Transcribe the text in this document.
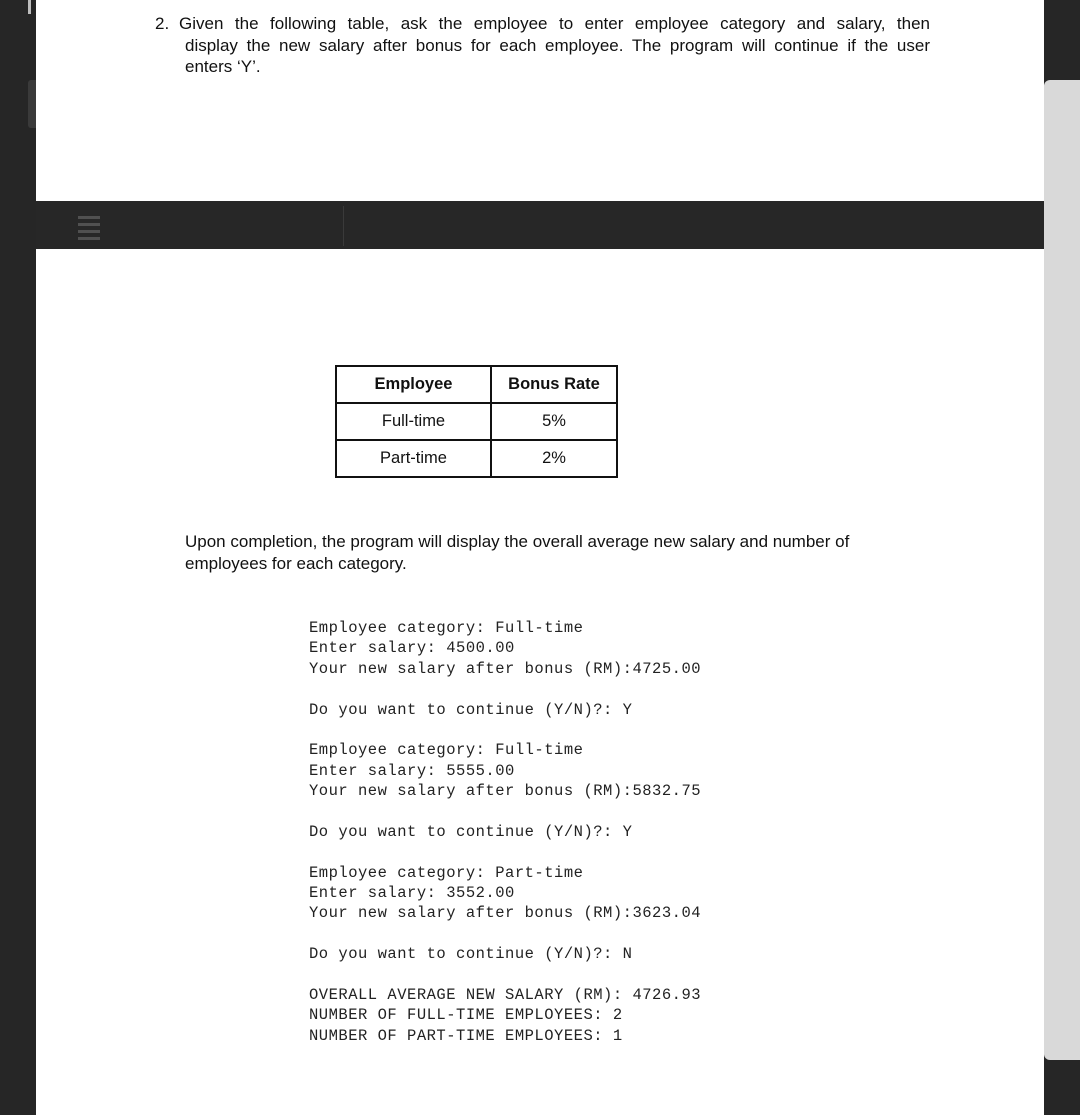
2. Given the following table, ask the employee to enter employee category and salary, then
display the new salary after bonus for each employee. The program will continue if the user
enters ‘Y’.
Employee	Bonus Rate
Full-time	5%
Part-time	2%
Upon completion, the program will display the overall average new salary and number of
employees for each category.
Employee category: Full-time
Enter salary: 4500.00
Your new salary after bonus (RM):4725.00
Do you want to continue (Y/N)?: Y
Employee category: Full-time
Enter salary: 5555.00
Your new salary after bonus (RM):5832.75
Do you want to continue (Y/N)?: Y
Employee category: Part-time
Enter salary: 3552.00
Your new salary after bonus (RM):3623.04
Do you want to continue (Y/N)?: N
OVERALL AVERAGE NEW SALARY (RM): 4726.93
NUMBER OF FULL-TIME EMPLOYEES: 2
NUMBER OF PART-TIME EMPLOYEES: 1
